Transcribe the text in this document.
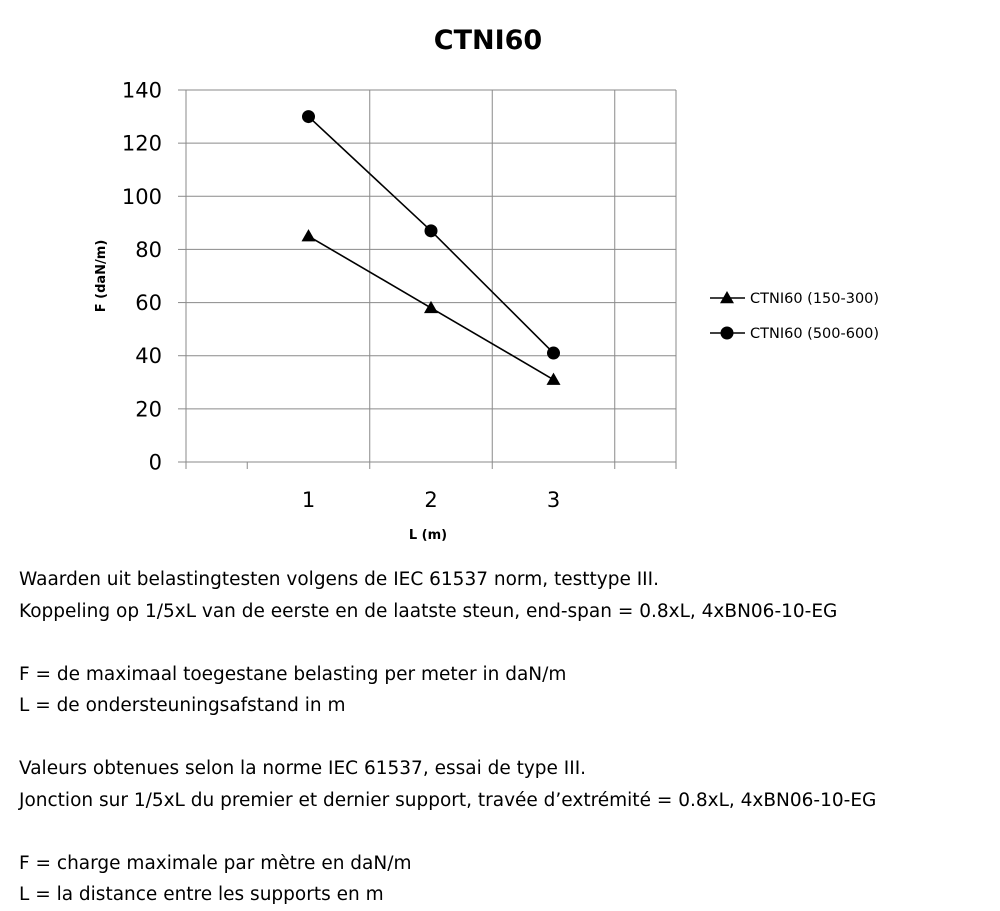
CTNI60
0
20
40
60
80
100
120
140
1	2	3
F (daN/m)
L (m)
CTNI60 (150-300)
CTNI60 (500-600)

Waarden uit belastingtesten volgens de IEC 61537 norm, testtype III.

Koppeling op 1/5xL van de eerste en de laatste steun, end-span = 0.8xL, 4xBN06-10-EG

F = de maximaal toegestane belasting per meter in daN/m

L = de ondersteuningsafstand in m

Valeurs obtenues selon la norme IEC 61537, essai de type III.

Jonction sur 1/5xL du premier et dernier support, travée d’extrémité = 0.8xL, 4xBN06-10-EG

F = charge maximale par mètre en daN/m

L = la distance entre les supports en m
